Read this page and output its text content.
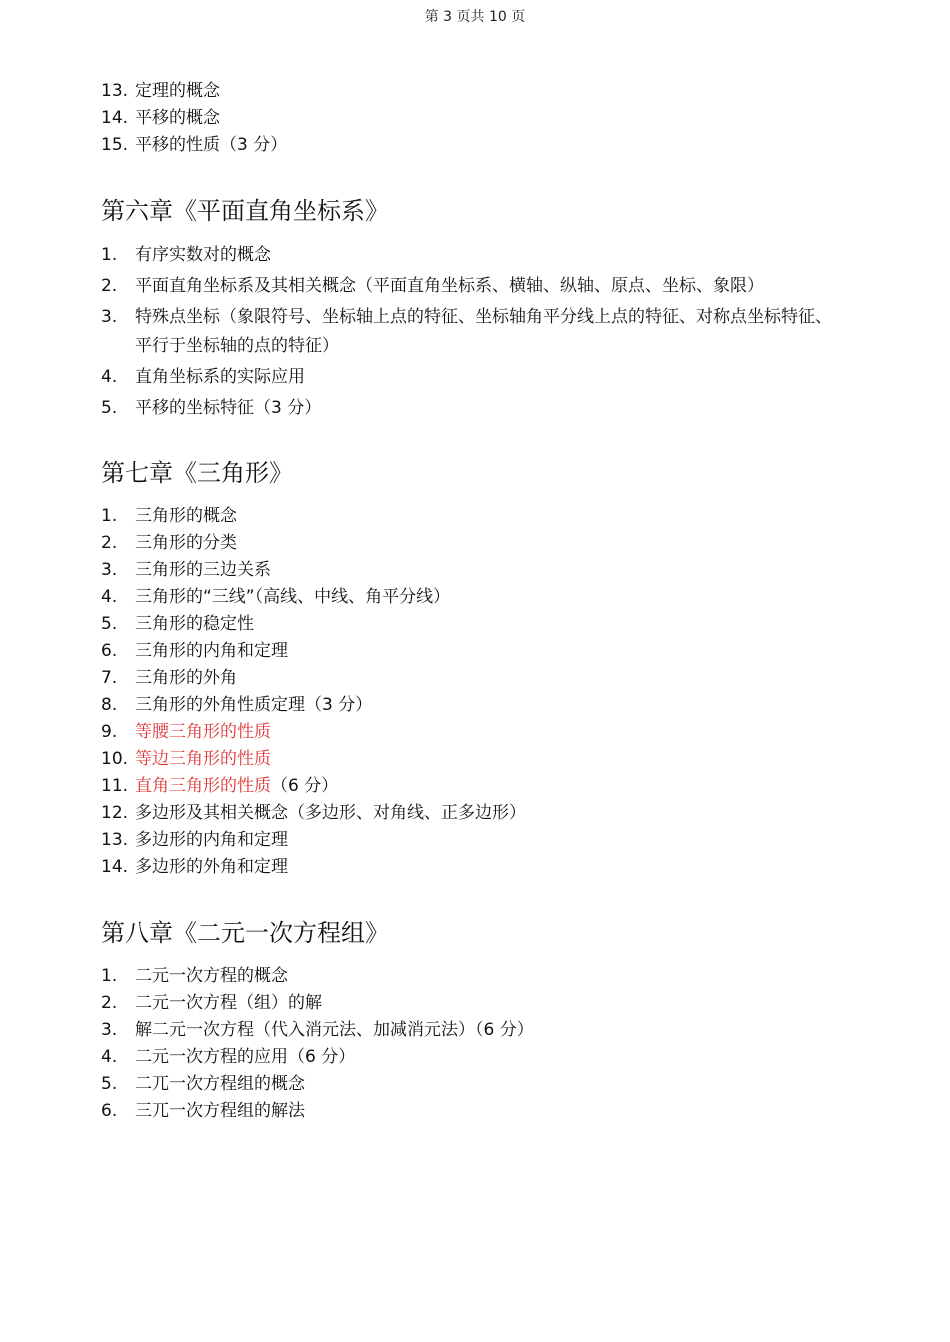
第 3 页共 10 页
13. 定理的概念
14. 平移的概念
15. 平移的性质（3 分）
第六章《平面直角坐标系》
1. 有序实数对的概念
2. 平面直角坐标系及其相关概念（平面直角坐标系、横轴、纵轴、原点、坐标、象限）
3. 特殊点坐标（象限符号、坐标轴上点的特征、坐标轴角平分线上点的特征、对称点坐标特征、平行于坐标轴的点的特征）
4. 直角坐标系的实际应用
5. 平移的坐标特征（3 分）
第七章《三角形》
1. 三角形的概念
2. 三角形的分类
3. 三角形的三边关系
4. 三角形的“三线”（高线、中线、角平分线）
5. 三角形的稳定性
6. 三角形的内角和定理
7. 三角形的外角
8. 三角形的外角性质定理（3 分）
9. 等腰三角形的性质
10. 等边三角形的性质
11. 直角三角形的性质（6 分）
12. 多边形及其相关概念（多边形、对角线、正多边形）
13. 多边形的内角和定理
14. 多边形的外角和定理
第八章《二元一次方程组》
1. 二元一次方程的概念
2. 二元一次方程（组）的解
3. 解二元一次方程（代入消元法、加减消元法）（6 分）
4. 二元一次方程的应用（6 分）
5. 二兀一次方程组的概念
6. 三兀一次方程组的解法
